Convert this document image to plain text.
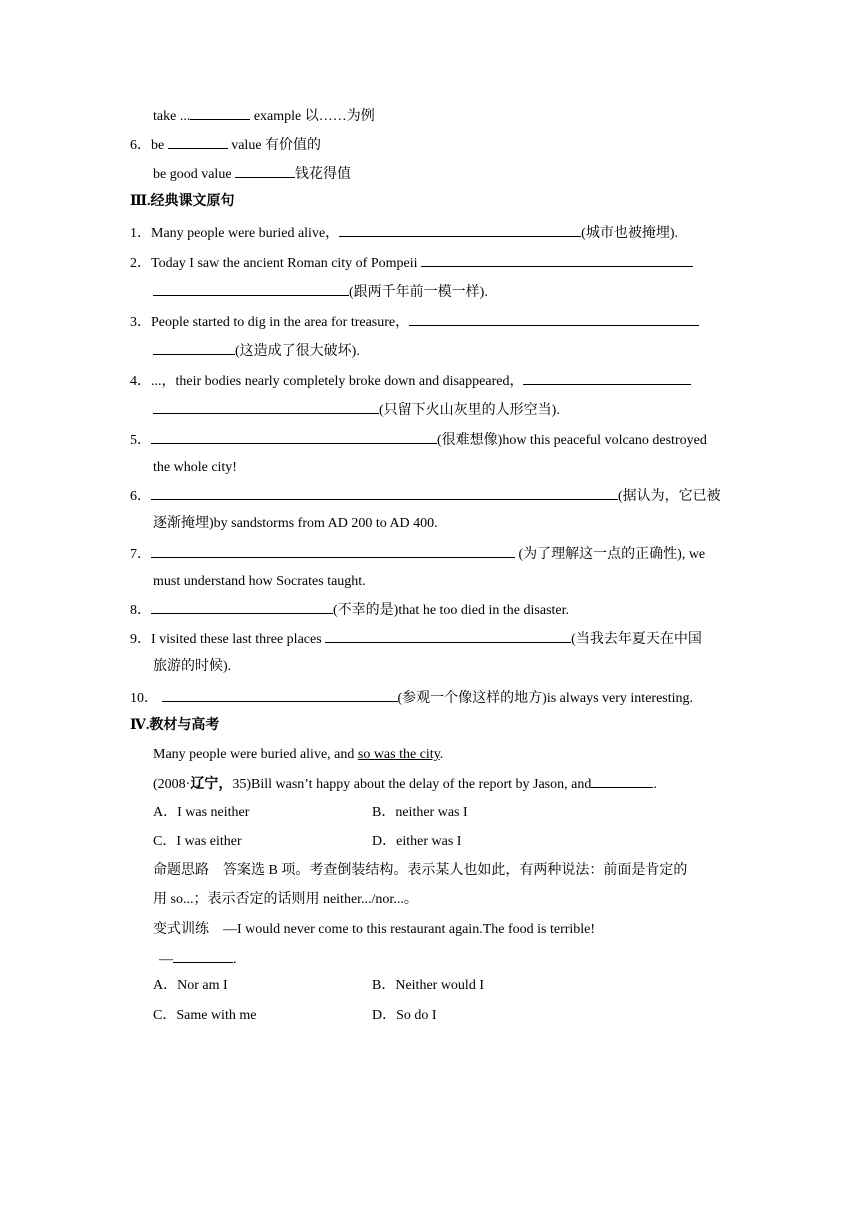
take ...	example 以……为例
6．be	value 有价值的
be good value	钱花得值
Ⅲ.经典课文原句
1．Many people were buried alive，	(城市也被掩埋).
2．Today I saw the ancient Roman city of Pompeii
(跟两千年前一模一样).
3．People started to dig in the area for treasure，
(这造成了很大破坏).
4．...，their bodies nearly completely broke down and disappeared，
(只留下火山灰里的人形空当).
5．	(很难想像)how this peaceful volcano destroyed
the whole city!
6．	(据认为，它已被
逐渐掩埋)by sandstorms from AD 200 to AD 400.
7．	(为了理解这一点的正确性), we
must understand how Socrates taught.
8．	(不幸的是)that he too died in the disaster.
9．I visited these last three places	(当我去年夏天在中国
旅游的时候).
10．	(参观一个像这样的地方)is always very interesting.
Ⅳ.教材与高考
Many people were buried alive, and so was the city.
(2008·辽宁，35)Bill wasn’t happy about the delay of the report by Jason, and	.
A．I was neither	B．neither was I
C．I was either	D．either was I
命题思路　答案选 B 项。考查倒装结构。表示某人也如此，有两种说法：前面是肯定的
用 so...；表示否定的话则用 neither.../nor...。
变式训练　—I would never come to this restaurant again.The food is terrible!
—	.
A．Nor am I	B．Neither would I
C．Same with me	D．So do I
